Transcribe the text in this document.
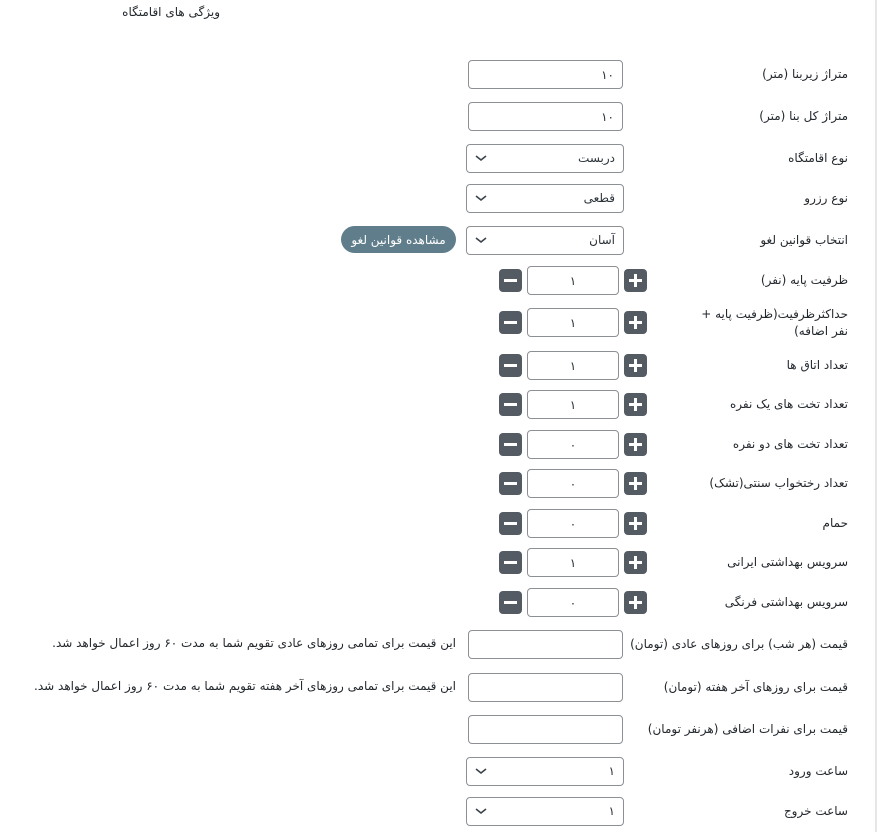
ویژگی های اقامتگاه
متراژ زیربنا (متر)
۱۰
متراژ کل بنا (متر)
۱۰
نوع اقامتگاه
دربست
نوع رزرو
قطعی
انتخاب قوانین لغو
آسان
مشاهده قوانین لغو
ظرفیت پایه (نفر)
۱
حداکثرظرفیت(ظرفیت پایه + نفر اضافه)
۱
تعداد اتاق ها
۱
تعداد تخت های یک نفره
۱
تعداد تخت های دو نفره
۰
تعداد رختخواب سنتی(تشک)
۰
حمام
۰
سرویس بهداشتی ایرانی
۱
سرویس بهداشتی فرنگی
۰
قیمت (هر شب) برای روزهای عادی (تومان)
این قیمت برای تمامی روزهای عادی تقویم شما به مدت ۶۰ روز اعمال خواهد شد.
قیمت برای روزهای آخر هفته (تومان)
این قیمت برای تمامی روزهای آخر هفته تقویم شما به مدت ۶۰ روز اعمال خواهد شد.
قیمت برای نفرات اضافی (هرنفر تومان)
ساعت ورود
۱
ساعت خروج
۱
